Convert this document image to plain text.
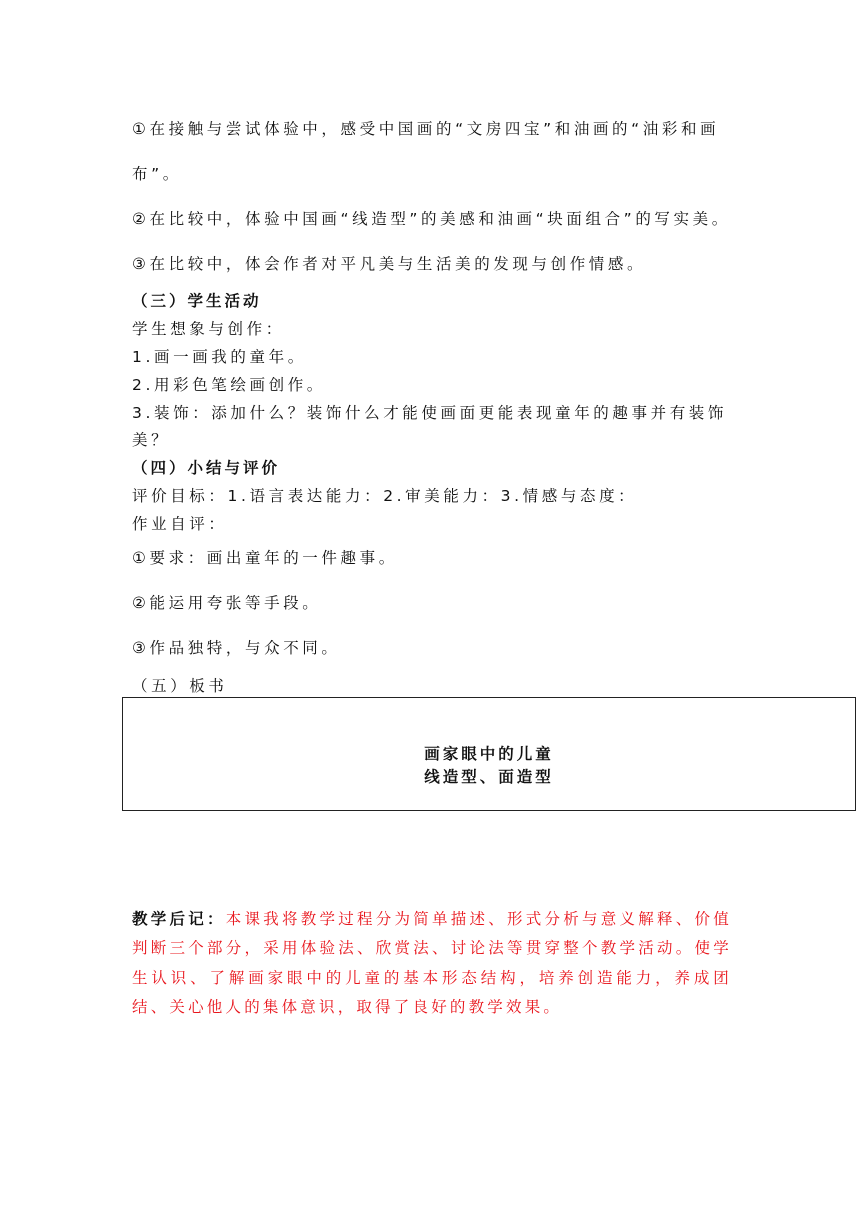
①在接触与尝试体验中，感受中国画的“文房四宝”和油画的“油彩和画
布”。
②在比较中，体验中国画“线造型”的美感和油画“块面组合”的写实美。
③在比较中，体会作者对平凡美与生活美的发现与创作情感。
（三）学生活动
学生想象与创作：
1.画一画我的童年。
2.用彩色笔绘画创作。
3.装饰：添加什么？装饰什么才能使画面更能表现童年的趣事并有装饰
美？
（四）小结与评价
评价目标：1.语言表达能力：2.审美能力：3.情感与态度：
作业自评：
①要求：画出童年的一件趣事。
②能运用夸张等手段。
③作品独特，与众不同。
（五）板书
画家眼中的儿童
线造型、面造型
教学后记：本课我将教学过程分为简单描述、形式分析与意义解释、价值判断三个部分，采用体验法、欣赏法、讨论法等贯穿整个教学活动。使学生认识、了解画家眼中的儿童的基本形态结构，培养创造能力，养成团结、关心他人的集体意识，取得了良好的教学效果。
